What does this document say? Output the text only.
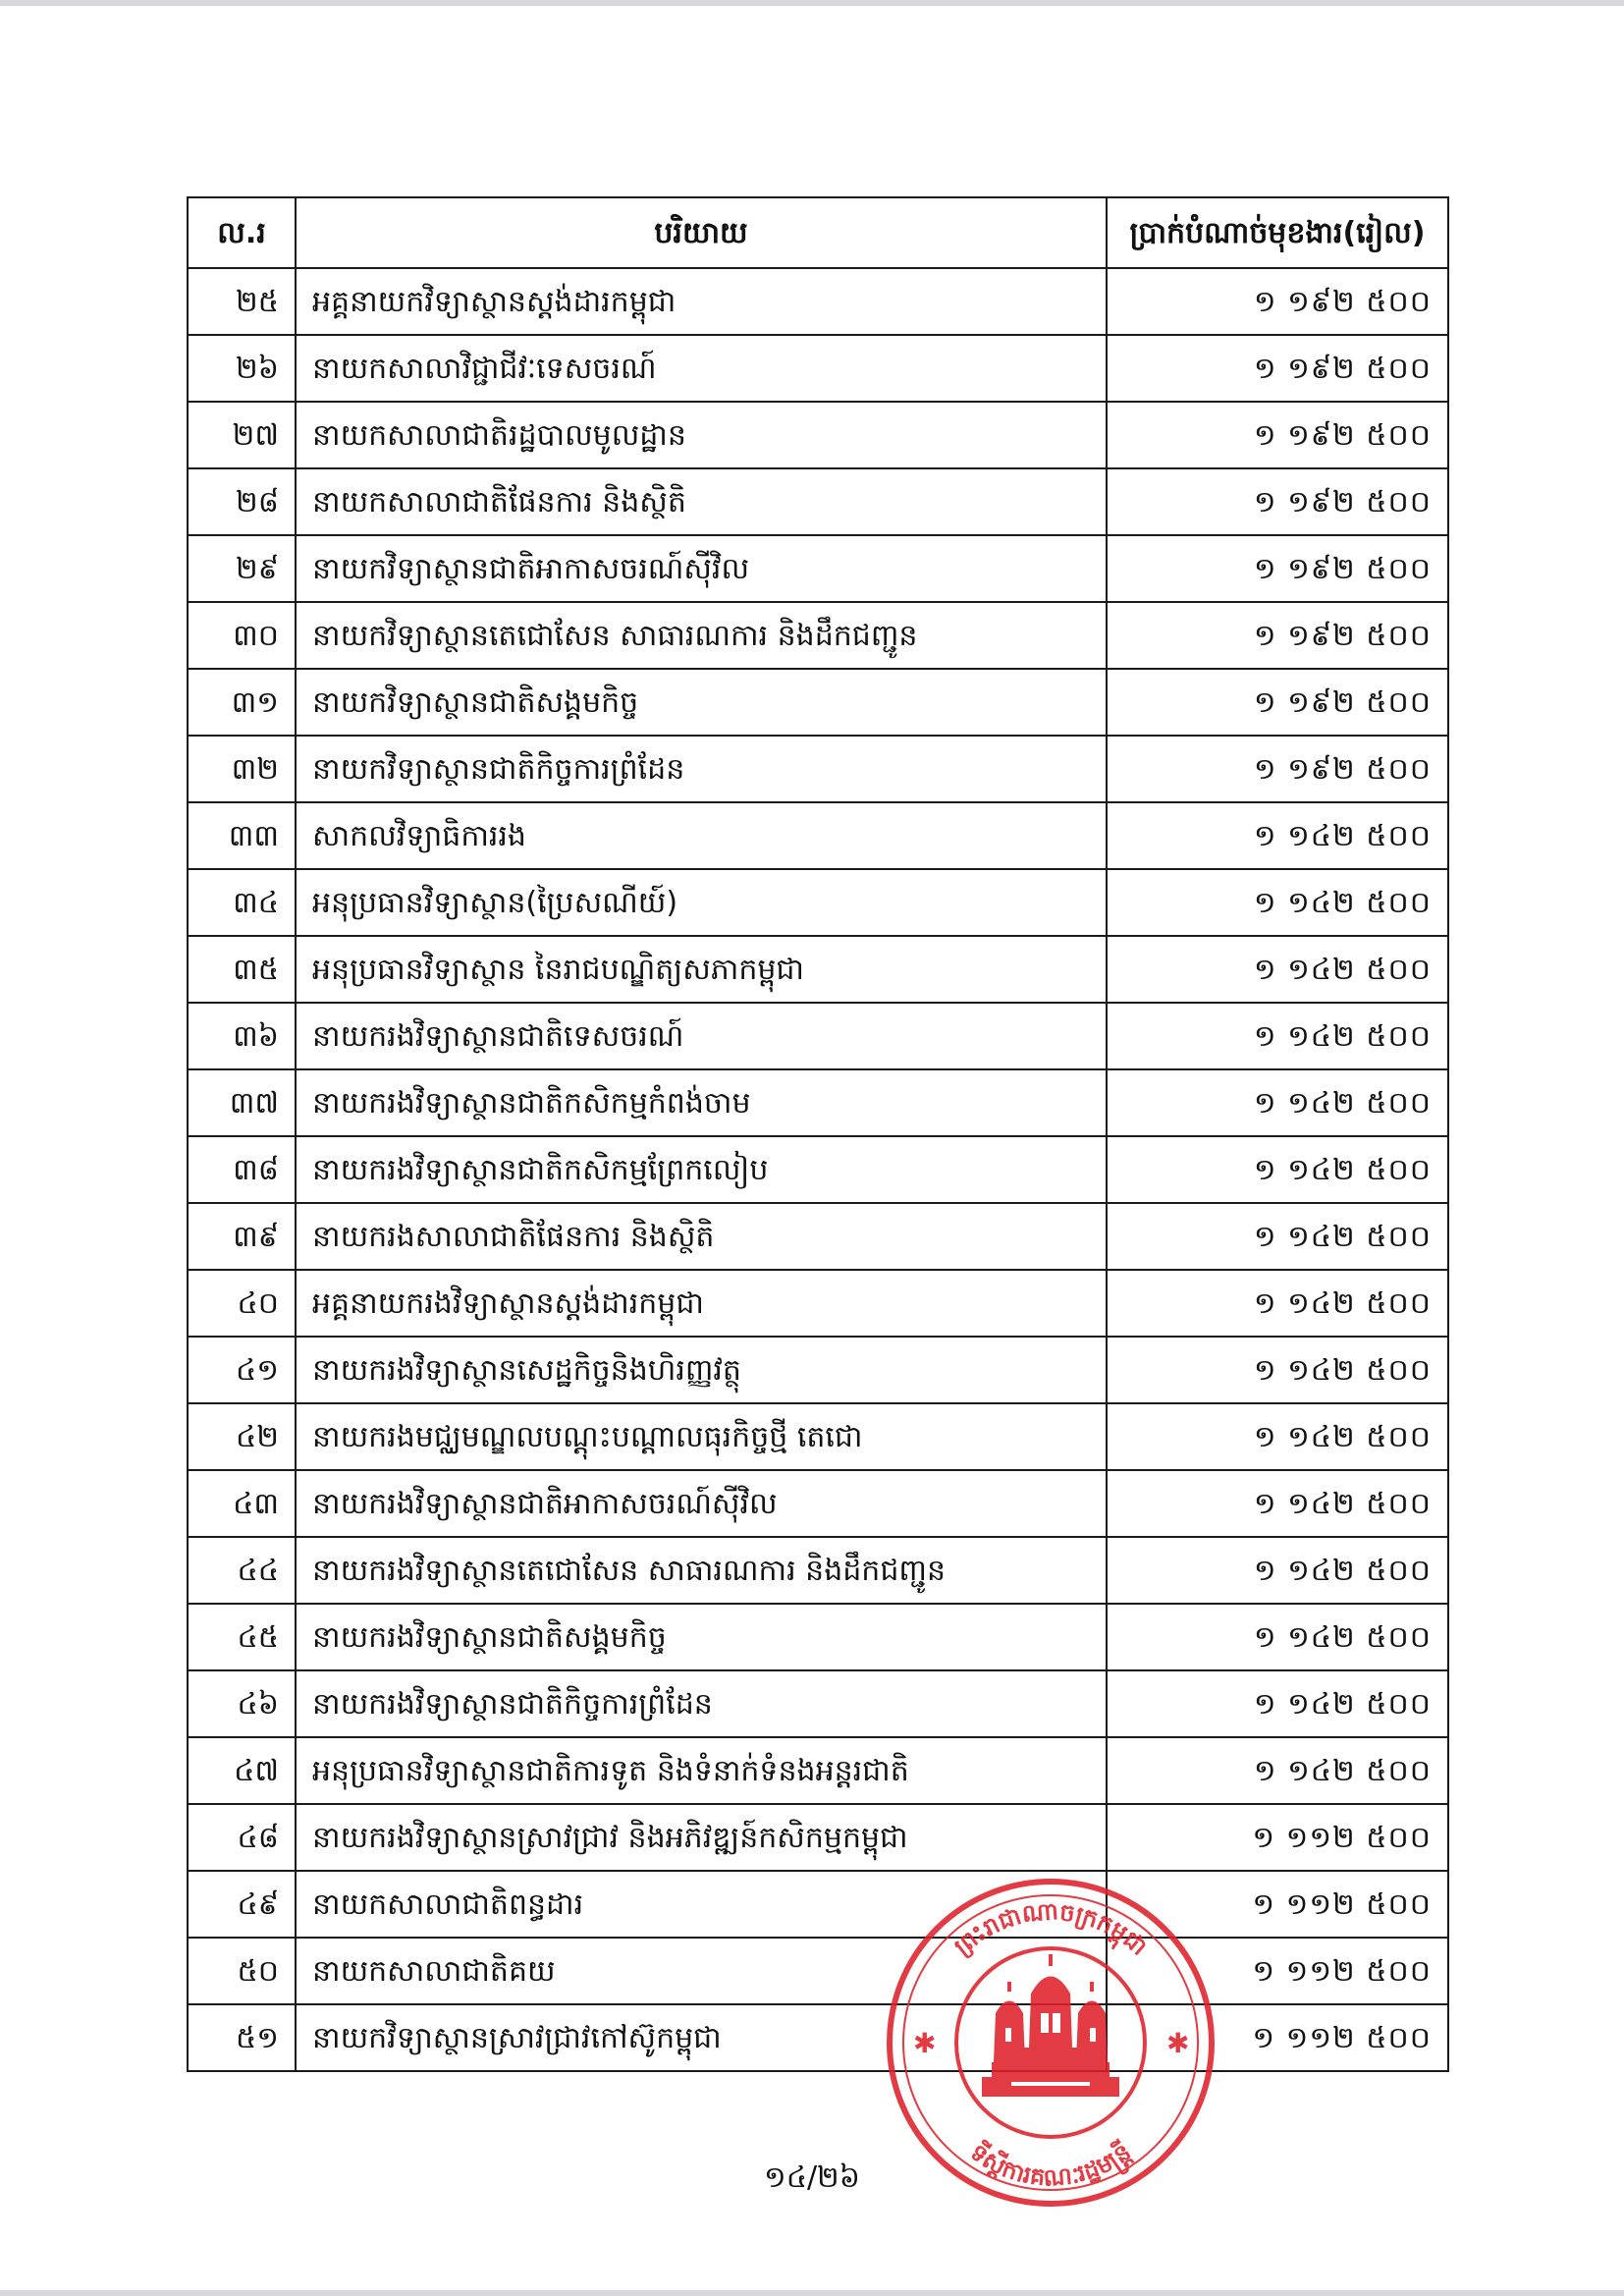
ល.រ	បរិយាយ	ប្រាក់បំណាច់មុខងារ(រៀល)
២៥	អគ្គនាយកវិទ្យាស្ថានស្តង់ដារកម្ពុជា	១ ១៩២ ៥០០
២៦	នាយកសាលាវិជ្ជាជីវៈទេសចរណ៍	១ ១៩២ ៥០០
២៧	នាយកសាលាជាតិរដ្ឋបាលមូលដ្ឋាន	១ ១៩២ ៥០០
២៨	នាយកសាលាជាតិផែនការ និងស្ថិតិ	១ ១៩២ ៥០០
២៩	នាយកវិទ្យាស្ថានជាតិអាកាសចរណ៍ស៊ីវិល	១ ១៩២ ៥០០
៣០	នាយកវិទ្យាស្ថានតេជោសែន សាធារណការ និងដឹកជញ្ជូន	១ ១៩២ ៥០០
៣១	នាយកវិទ្យាស្ថានជាតិសង្គមកិច្ច	១ ១៩២ ៥០០
៣២	នាយកវិទ្យាស្ថានជាតិកិច្ចការព្រំដែន	១ ១៩២ ៥០០
៣៣	សាកលវិទ្យាធិការរង	១ ១៤២ ៥០០
៣៤	អនុប្រធានវិទ្យាស្ថាន(ប្រៃសណីយ៍)	១ ១៤២ ៥០០
៣៥	អនុប្រធានវិទ្យាស្ថាន នៃរាជបណ្ឌិត្យសភាកម្ពុជា	១ ១៤២ ៥០០
៣៦	នាយករងវិទ្យាស្ថានជាតិទេសចរណ៍	១ ១៤២ ៥០០
៣៧	នាយករងវិទ្យាស្ថានជាតិកសិកម្មកំពង់ចាម	១ ១៤២ ៥០០
៣៨	នាយករងវិទ្យាស្ថានជាតិកសិកម្មព្រែកលៀប	១ ១៤២ ៥០០
៣៩	នាយករងសាលាជាតិផែនការ និងស្ថិតិ	១ ១៤២ ៥០០
៤០	អគ្គនាយករងវិទ្យាស្ថានស្តង់ដារកម្ពុជា	១ ១៤២ ៥០០
៤១	នាយករងវិទ្យាស្ថានសេដ្ឋកិច្ចនិងហិរញ្ញវត្ថុ	១ ១៤២ ៥០០
៤២	នាយករងមជ្ឈមណ្ឌលបណ្តុះបណ្តាលធុរកិច្ចថ្មី តេជោ	១ ១៤២ ៥០០
៤៣	នាយករងវិទ្យាស្ថានជាតិអាកាសចរណ៍ស៊ីវិល	១ ១៤២ ៥០០
៤៤	នាយករងវិទ្យាស្ថានតេជោសែន សាធារណការ និងដឹកជញ្ជូន	១ ១៤២ ៥០០
៤៥	នាយករងវិទ្យាស្ថានជាតិសង្គមកិច្ច	១ ១៤២ ៥០០
៤៦	នាយករងវិទ្យាស្ថានជាតិកិច្ចការព្រំដែន	១ ១៤២ ៥០០
៤៧	អនុប្រធានវិទ្យាស្ថានជាតិការទូត និងទំនាក់ទំនងអន្តរជាតិ	១ ១៤២ ៥០០
៤៨	នាយករងវិទ្យាស្ថានស្រាវជ្រាវ និងអភិវឌ្ឍន៍កសិកម្មកម្ពុជា	១ ១១២ ៥០០
៤៩	នាយកសាលាជាតិពន្ធដារ	១ ១១២ ៥០០
៥០	នាយកសាលាជាតិគយ	១ ១១២ ៥០០
៥១	នាយកវិទ្យាស្ថានស្រាវជ្រាវកៅស៊ូកម្ពុជា	១ ១១២ ៥០០
ព្រះរាជាណាចក្រកម្ពុជា
ទីស្តីការគណៈរដ្ឋមន្ត្រី
✱	✱
១៤/២៦
